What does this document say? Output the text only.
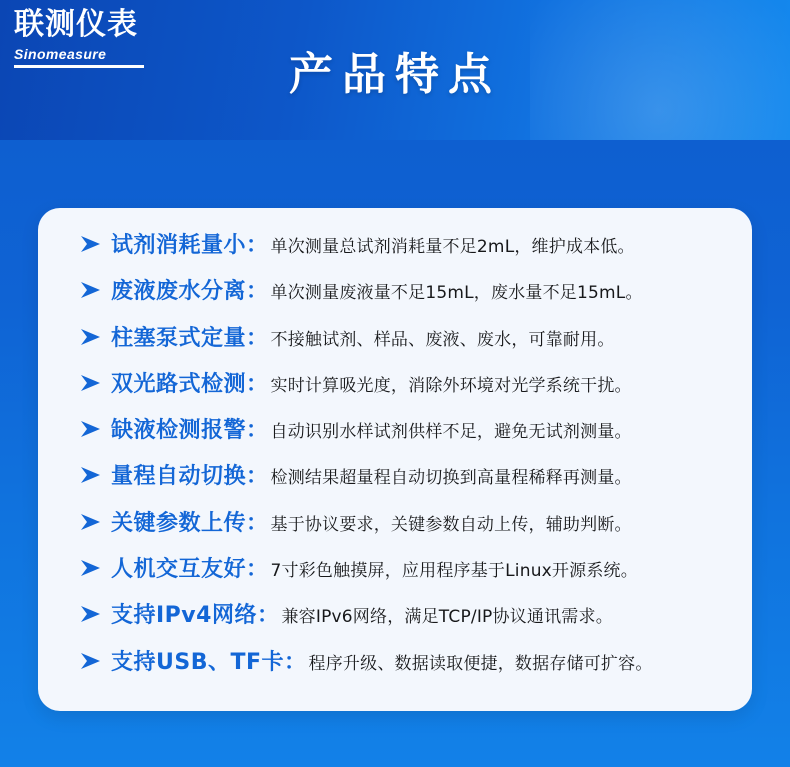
联测仪表
Sinomeasure	产品特点
试剂消耗量小： 单次测量总试剂消耗量不足2mL，维护成本低。
废液废水分离： 单次测量废液量不足15mL，废水量不足15mL。
柱塞泵式定量： 不接触试剂、样品、废液、废水，可靠耐用。
双光路式检测： 实时计算吸光度，消除外环境对光学系统干扰。
缺液检测报警： 自动识别水样试剂供样不足，避免无试剂测量。
量程自动切换： 检测结果超量程自动切换到高量程稀释再测量。
关键参数上传： 基于协议要求，关键参数自动上传，辅助判断。
人机交互友好： 7寸彩色触摸屏，应用程序基于Linux开源系统。
支持IPv4网络： 兼容IPv6网络，满足TCP/IP协议通讯需求。
支持USB、TF卡： 程序升级、数据读取便捷，数据存储可扩容。
